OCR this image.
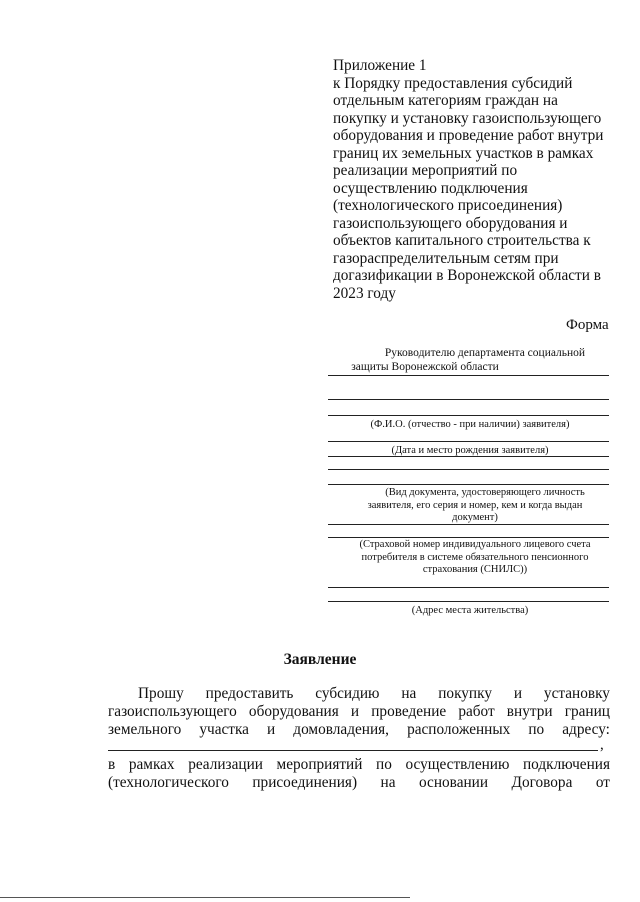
Приложение 1
к Порядку предоставления субсидий
отдельным категориям граждан на
покупку и установку газоиспользующего
оборудования и проведение работ внутри
границ их земельных участков в рамках
реализации мероприятий по
осуществлению подключения
(технологического присоединения)
газоиспользующего оборудования и
объектов капитального строительства к
газораспределительным сетям при
догазификации в Воронежской области в
2023 году
Форма
Руководителю департамента социальной
защиты Воронежской области
(Ф.И.О. (отчество - при наличии) заявителя)
(Дата и место рождения заявителя)
(Вид документа, удостоверяющего личность
заявителя, его серия и номер, кем и когда выдан
документ)
(Страховой номер индивидуального лицевого счета
потребителя в системе обязательного пенсионного
страхования (СНИЛС))
(Адрес места жительства)
Заявление
Прошу предоставить субсидию на покупку и установку
газоиспользующего оборудования и проведение работ внутри границ
земельного участка и домовладения, расположенных по адресу:
,
в рамках реализации мероприятий по осуществлению подключения
(технологического присоединения) на основании Договора от
